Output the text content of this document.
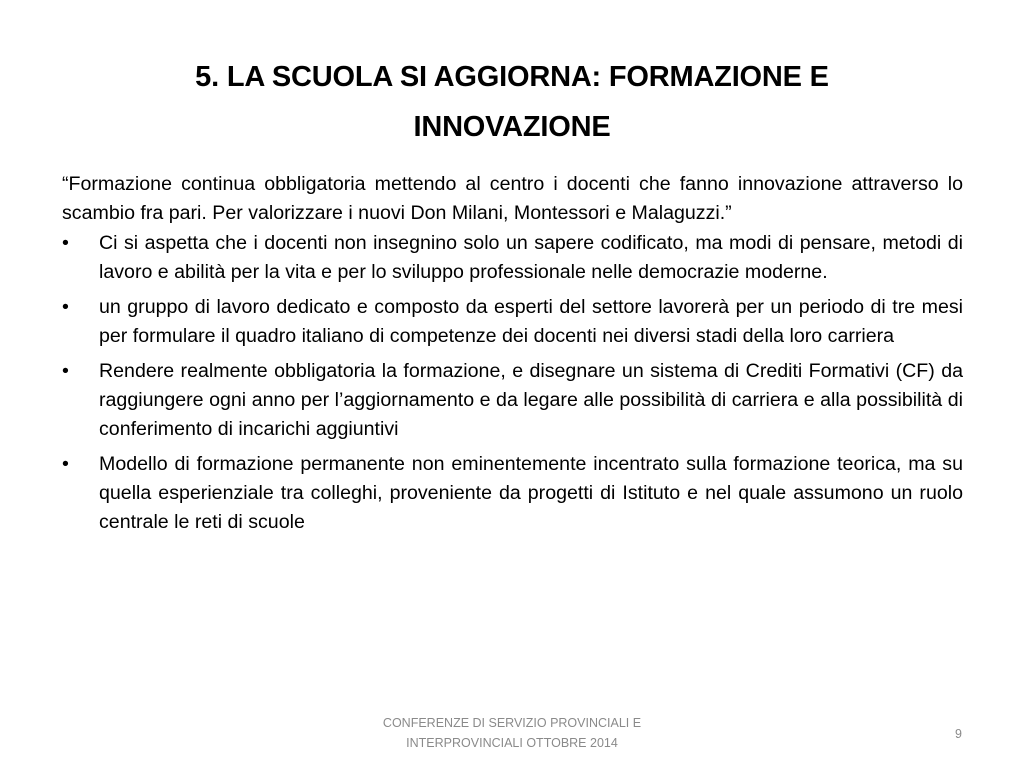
5. LA SCUOLA SI AGGIORNA: FORMAZIONE E
INNOVAZIONE

“Formazione continua obbligatoria mettendo al centro i docenti che fanno innovazione attraverso lo scambio fra pari. Per valorizzare i nuovi Don Milani, Montessori e Malaguzzi.”

•	Ci si aspetta che i docenti non insegnino solo un sapere codificato, ma modi di pensare, metodi di lavoro e abilità per la vita e per lo sviluppo professionale nelle democrazie moderne.
•	un gruppo di lavoro dedicato e composto da esperti del settore lavorerà per un periodo di tre mesi per formulare il quadro italiano di competenze dei docenti nei diversi stadi della loro carriera
•	Rendere realmente obbligatoria la formazione, e disegnare un sistema di Crediti Formativi (CF) da raggiungere ogni anno per l’aggiornamento e da legare alle possibilità di carriera e alla possibilità di conferimento di incarichi aggiuntivi
•	Modello di formazione permanente non eminentemente incentrato sulla formazione teorica, ma su quella esperienziale tra colleghi, proveniente da progetti di Istituto e nel quale assumono un ruolo centrale le reti di scuole
CONFERENZE DI SERVIZIO PROVINCIALI E
INTERPROVINCIALI OTTOBRE 2014
9
